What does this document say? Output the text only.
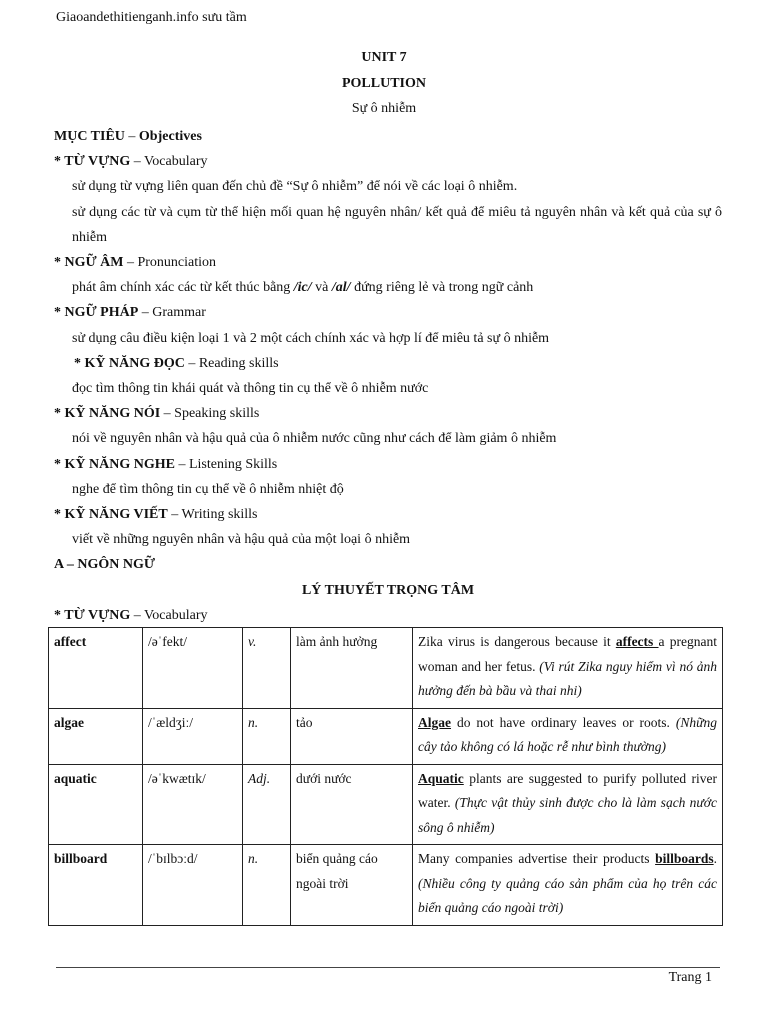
Giaoandethitienganh.info sưu tầm
UNIT 7
POLLUTION
Sự ô nhiễm
MỤC TIÊU – Objectives
* TỪ VỰNG – Vocabulary
sử dụng từ vựng liên quan đến chủ đề “Sự ô nhiễm” để nói về các loại ô nhiễm.
sử dụng các từ và cụm từ thể hiện mối quan hệ nguyên nhân/ kết quả để miêu tả nguyên nhân và kết quả của sự ô nhiễm
* NGỮ ÂM – Pronunciation
phát âm chính xác các từ kết thúc bằng /ic/ và /al/ đứng riêng lẻ và trong ngữ cảnh
* NGỮ PHÁP – Grammar
sử dụng câu điều kiện loại 1 và 2 một cách chính xác và hợp lí để miêu tả sự ô nhiễm
* KỸ NĂNG ĐỌC – Reading skills
đọc tìm thông tin khái quát và thông tin cụ thể về ô nhiễm nước
* KỸ NĂNG NÓI – Speaking skills
nói về nguyên nhân và hậu quả của ô nhiễm nước cũng như cách để làm giảm ô nhiễm
* KỸ NĂNG NGHE – Listening Skills
nghe để tìm thông tin cụ thể về ô nhiễm nhiệt độ
* KỸ NĂNG VIẾT – Writing skills
viết về những nguyên nhân và hậu quả của một loại ô nhiễm
A – NGÔN NGỮ
LÝ THUYẾT TRỌNG TÂM
* TỪ VỰNG – Vocabulary
affect	/əˈfekt/	v.	làm ảnh hưởng	Zika virus is dangerous because it affects a pregnant woman and her fetus. (Vi rút Zika nguy hiểm vì nó ảnh hưởng đến bà bầu và thai nhi)
algae	/ˈældʒiː/	n.	tảo	Algae do not have ordinary leaves or roots. (Những cây tảo không có lá hoặc rễ như bình thường)
aquatic	/əˈkwætɪk/	Adj.	dưới nước	Aquatic plants are suggested to purify polluted river water. (Thực vật thủy sinh được cho là làm sạch nước sông ô nhiễm)
billboard	/ˈbɪlbɔːd/	n.	biển quảng cáo ngoài trời	Many companies advertise their products billboards. (Nhiều công ty quảng cáo sản phẩm của họ trên các biển quảng cáo ngoài trời)
Trang 1
